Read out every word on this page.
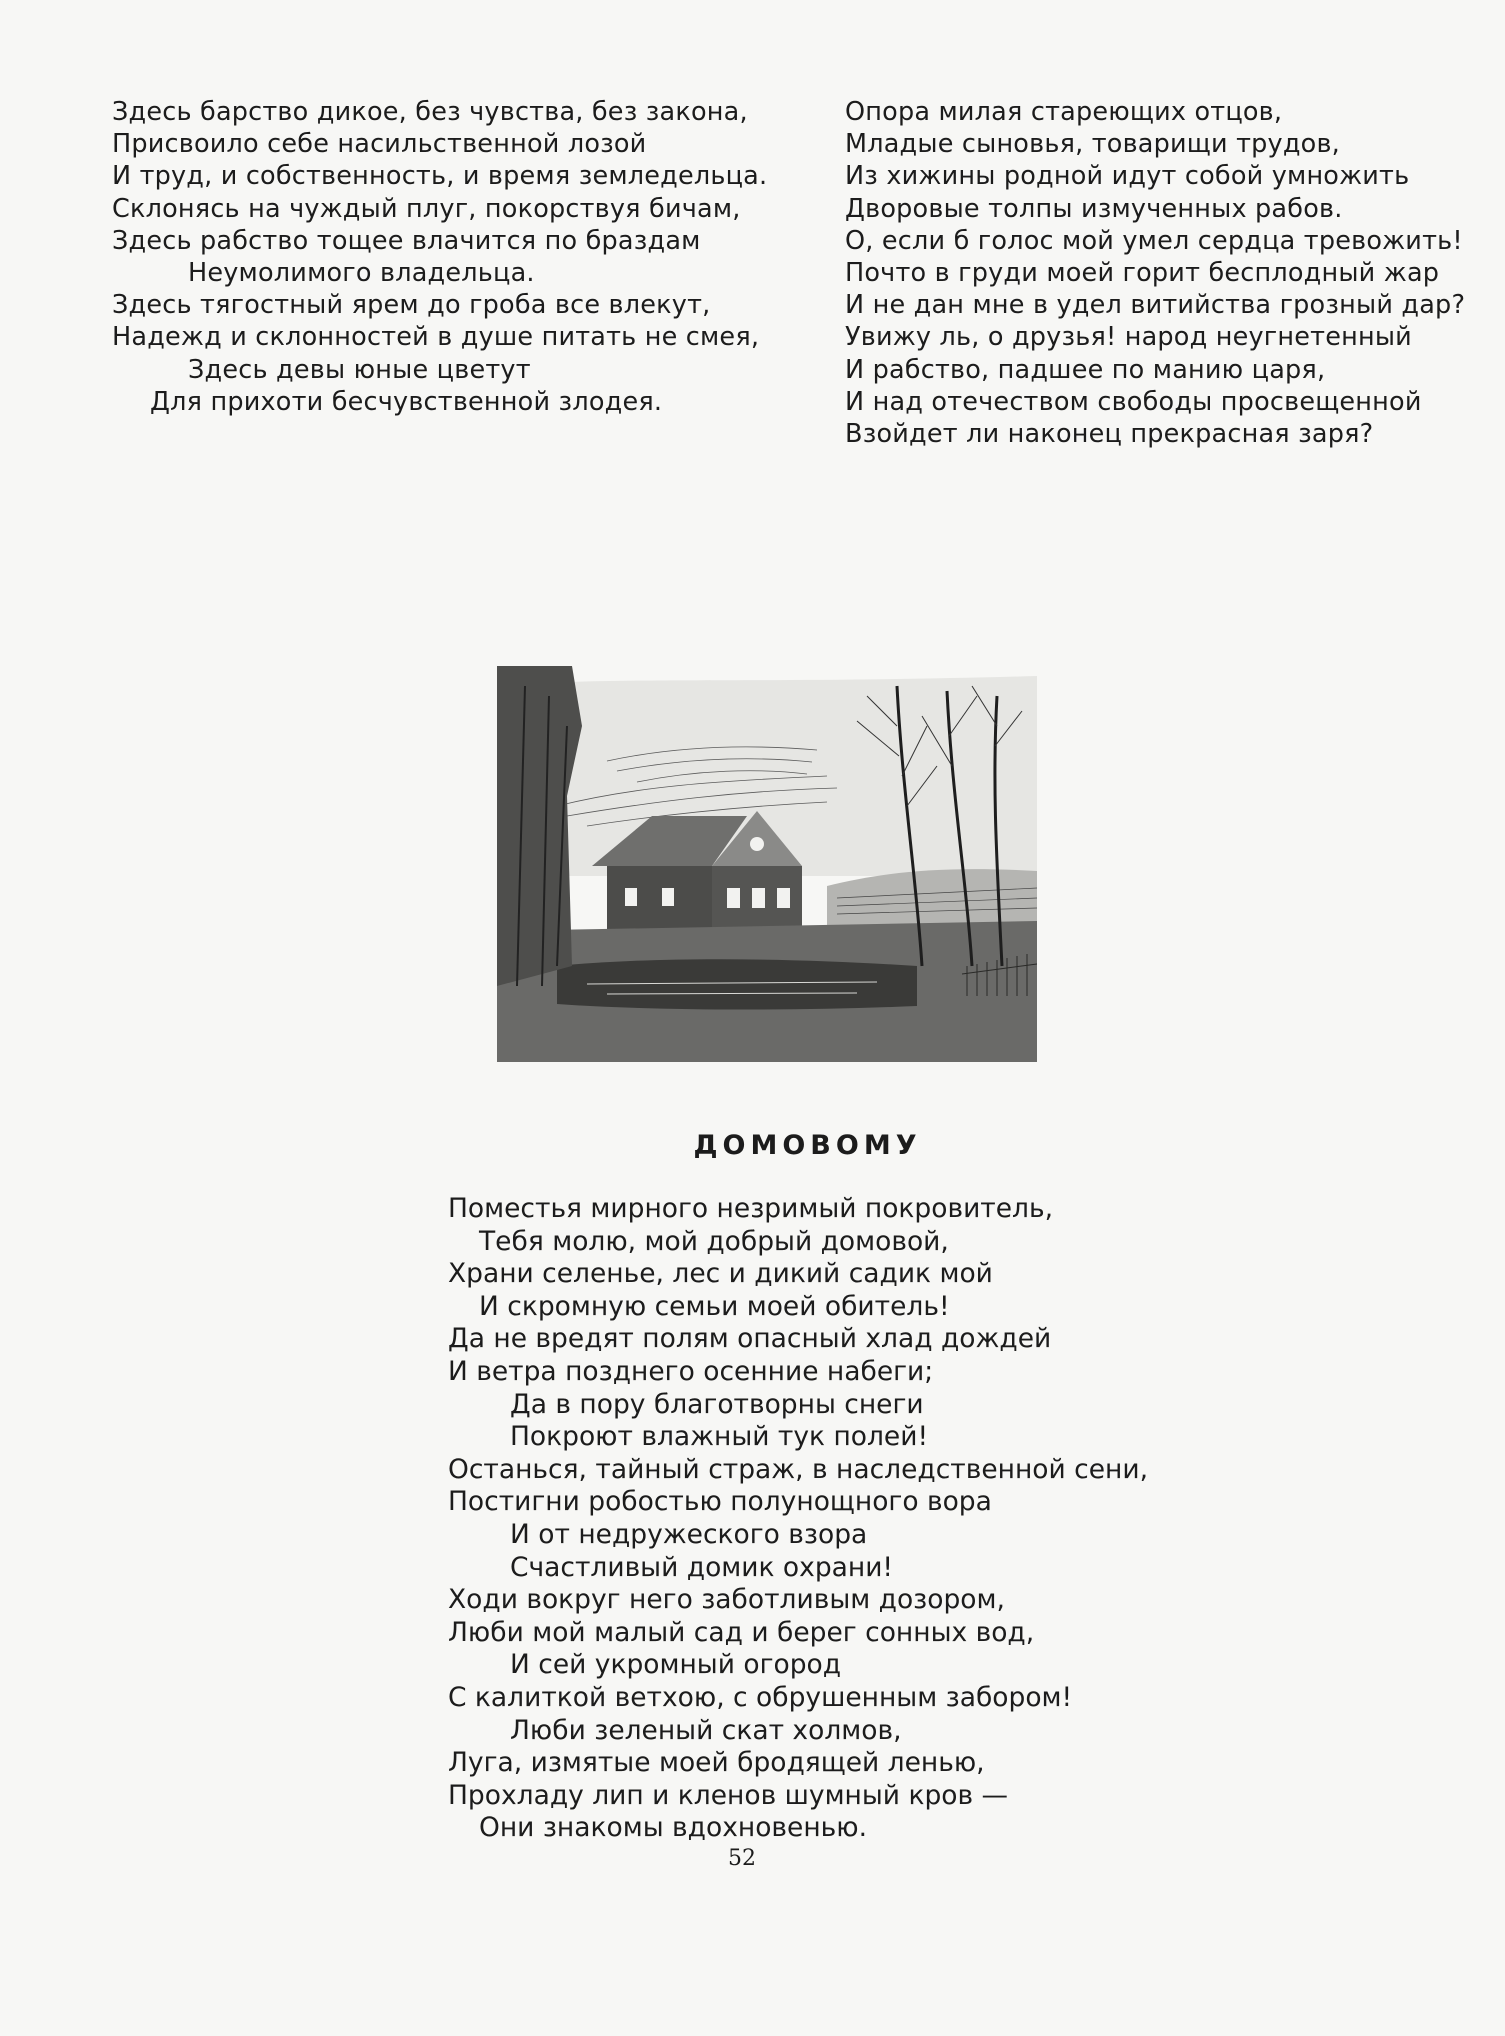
Здесь барство дикое, без чувства, без закона,
Присвоило себе насильственной лозой
И труд, и собственность, и время земледельца.
Склонясь на чуждый плуг, покорствуя бичам,
Здесь рабство тощее влачится по браздам
Неумолимого владельца.
Здесь тягостный ярем до гроба все влекут,
Надежд и склонностей в душе питать не смея,
Здесь девы юные цветут
Для прихоти бесчувственной злодея.
Опора милая стареющих отцов,
Младые сыновья, товарищи трудов,
Из хижины родной идут собой умножить
Дворовые толпы измученных рабов.
О, если б голос мой умел сердца тревожить!
Почто в груди моей горит бесплодный жар
И не дан мне в удел витийства грозный дар?
Увижу ль, о друзья! народ неугнетенный
И рабство, падшее по манию царя,
И над отечеством свободы просвещенной
Взойдет ли наконец прекрасная заря?
ДОМОВОМУ
Поместья мирного незримый покровитель,
Тебя молю, мой добрый домовой,
Храни селенье, лес и дикий садик мой
И скромную семьи моей обитель!
Да не вредят полям опасный хлад дождей
И ветра позднего осенние набеги;
Да в пору благотворны снеги
Покроют влажный тук полей!
Останься, тайный страж, в наследственной сени,
Постигни робостью полунощного вора
И от недружеского взора
Счастливый домик охрани!
Ходи вокруг него заботливым дозором,
Люби мой малый сад и берег сонных вод,
И сей укромный огород
С калиткой ветхою, с обрушенным забором!
Люби зеленый скат холмов,
Луга, измятые моей бродящей ленью,
Прохладу лип и кленов шумный кров —
Они знакомы вдохновенью.
52
